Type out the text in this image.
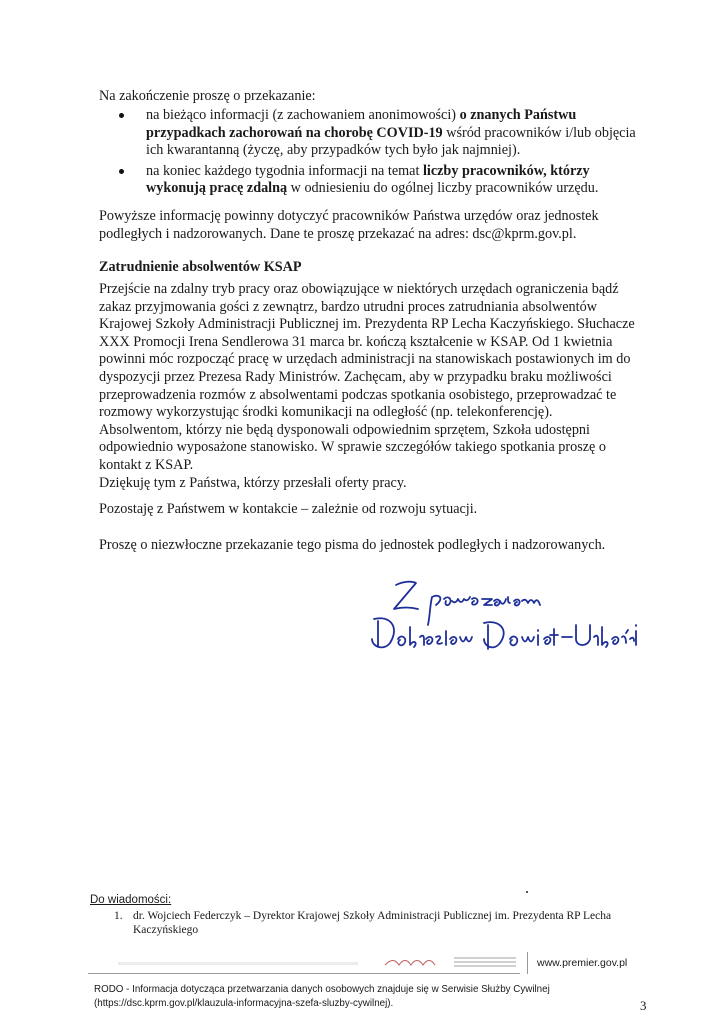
Na zakończenie proszę o przekazanie:
na bieżąco informacji (z zachowaniem anonimowości) o znanych Państwu
przypadkach zachorowań na chorobę COVID-19 wśród pracowników i/lub objęcia
ich kwarantanną (życzę, aby przypadków tych było jak najmniej).
na koniec każdego tygodnia informacji na temat liczby pracowników, którzy
wykonują pracę zdalną w odniesieniu do ogólnej liczby pracowników urzędu.
Powyższe informację powinny dotyczyć pracowników Państwa urzędów oraz jednostek
podległych i nadzorowanych. Dane te proszę przekazać na adres: dsc@kprm.gov.pl.
Zatrudnienie absolwentów KSAP
Przejście na zdalny tryb pracy oraz obowiązujące w niektórych urzędach ograniczenia bądź
zakaz przyjmowania gości z zewnątrz, bardzo utrudni proces zatrudniania absolwentów
Krajowej Szkoły Administracji Publicznej im. Prezydenta RP Lecha Kaczyńskiego. Słuchacze
XXX Promocji Irena Sendlerowa 31 marca br. kończą kształcenie w KSAP. Od 1 kwietnia
powinni móc rozpocząć pracę w urzędach administracji na stanowiskach postawionych im do
dyspozycji przez Prezesa Rady Ministrów. Zachęcam, aby w przypadku braku możliwości
przeprowadzenia rozmów z absolwentami podczas spotkania osobistego, przeprowadzać te
rozmowy wykorzystując środki komunikacji na odległość (np. telekonferencję).
Absolwentom, którzy nie będą dysponowali odpowiednim sprzętem, Szkoła udostępni
odpowiednio wyposażone stanowisko. W sprawie szczegółów takiego spotkania proszę o
kontakt z KSAP.
Dziękuję tym z Państwa, którzy przesłali oferty pracy.
Pozostaję z Państwem w kontakcie – zależnie od rozwoju sytuacji.
Proszę o niezwłoczne przekazanie tego pisma do jednostek podległych i nadzorowanych.
Do wiadomości:
1. dr. Wojciech Federczyk – Dyrektor Krajowej Szkoły Administracji Publicznej im. Prezydenta RP Lecha
Kaczyńskiego
www.premier.gov.pl
RODO - Informacja dotycząca przetwarzania danych osobowych znajduje się w Serwisie Służby Cywilnej
(https://dsc.kprm.gov.pl/klauzula-informacyjna-szefa-sluzby-cywilnej).	3
